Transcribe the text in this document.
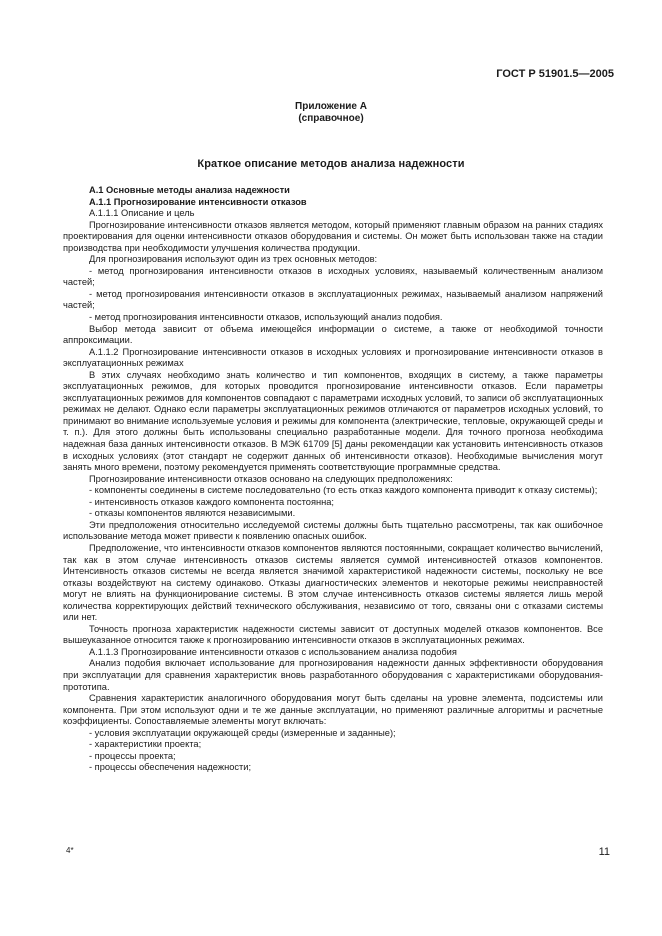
ГОСТ Р 51901.5—2005
Приложение А
(справочное)
Краткое описание методов анализа надежности

А.1 Основные методы анализа надежности

А.1.1 Прогнозирование интенсивности отказов

А.1.1.1 Описание и цель

Прогнозирование интенсивности отказов является методом, который применяют главным образом на ранних стадиях проектирования для оценки интенсивности отказов оборудования и системы. Он может быть использован также на стадии производства при необходимости улучшения количества продукции.

Для прогнозирования используют один из трех основных методов:

- метод прогнозирования интенсивности отказов в исходных условиях, называемый количественным анализом частей;

- метод прогнозирования интенсивности отказов в эксплуатационных режимах, называемый анализом напряжений частей;

- метод прогнозирования интенсивности отказов, использующий анализ подобия.

Выбор метода зависит от объема имеющейся информации о системе, а также от необходимой точности аппроксимации.

А.1.1.2 Прогнозирование интенсивности отказов в исходных условиях и прогнозирование интенсивности отказов в эксплуатационных режимах

В этих случаях необходимо знать количество и тип компонентов, входящих в систему, а также параметры эксплуатационных режимов, для которых проводится прогнозирование интенсивности отказов. Если параметры эксплуатационных режимов для компонентов совпадают с параметрами исходных условий, то записи об эксплуатационных режимах не делают. Однако если параметры эксплуатационных режимов отличаются от параметров исходных условий, то принимают во внимание используемые условия и режимы для компонента (электрические, тепловые, окружающей среды и т. п.). Для этого должны быть использованы специально разработанные модели. Для точного прогноза необходима надежная база данных интенсивности отказов. В МЭК 61709 [5] даны рекомендации как установить интенсивность отказов в исходных условиях (этот стандарт не содержит данных об интенсивности отказов). Необходимые вычисления могут занять много времени, поэтому рекомендуется применять соответствующие программные средства.

Прогнозирование интенсивности отказов основано на следующих предположениях:

- компоненты соединены в системе последовательно (то есть отказ каждого компонента приводит к отказу системы);

- интенсивность отказов каждого компонента постоянна;

- отказы компонентов являются независимыми.

Эти предположения относительно исследуемой системы должны быть тщательно рассмотрены, так как ошибочное использование метода может привести к появлению опасных ошибок.

Предположение, что интенсивности отказов компонентов являются постоянными, сокращает количество вычислений, так как в этом случае интенсивность отказов системы является суммой интенсивностей отказов компонентов. Интенсивность отказов системы не всегда является значимой характеристикой надежности системы, поскольку не все отказы воздействуют на систему одинаково. Отказы диагностических элементов и некоторые режимы неисправностей могут не влиять на функционирование системы. В этом случае интенсивность отказов системы является лишь мерой количества корректирующих действий технического обслуживания, независимо от того, связаны они с отказами системы или нет.

Точность прогноза характеристик надежности системы зависит от доступных моделей отказов компонентов. Все вышеуказанное относится также к прогнозированию интенсивности отказов в эксплуатационных режимах.

А.1.1.3 Прогнозирование интенсивности отказов с использованием анализа подобия

Анализ подобия включает использование для прогнозирования надежности данных эффективности оборудования при эксплуатации для сравнения характеристик вновь разработанного оборудования с характеристиками оборудования-прототипа.

Сравнения характеристик аналогичного оборудования могут быть сделаны на уровне элемента, подсистемы или компонента. При этом используют одни и те же данные эксплуатации, но применяют различные алгоритмы и расчетные коэффициенты. Сопоставляемые элементы могут включать:

- условия эксплуатации окружающей среды (измеренные и заданные);

- характеристики проекта;

- процессы проекта;

- процессы обеспечения надежности;

4*	11
